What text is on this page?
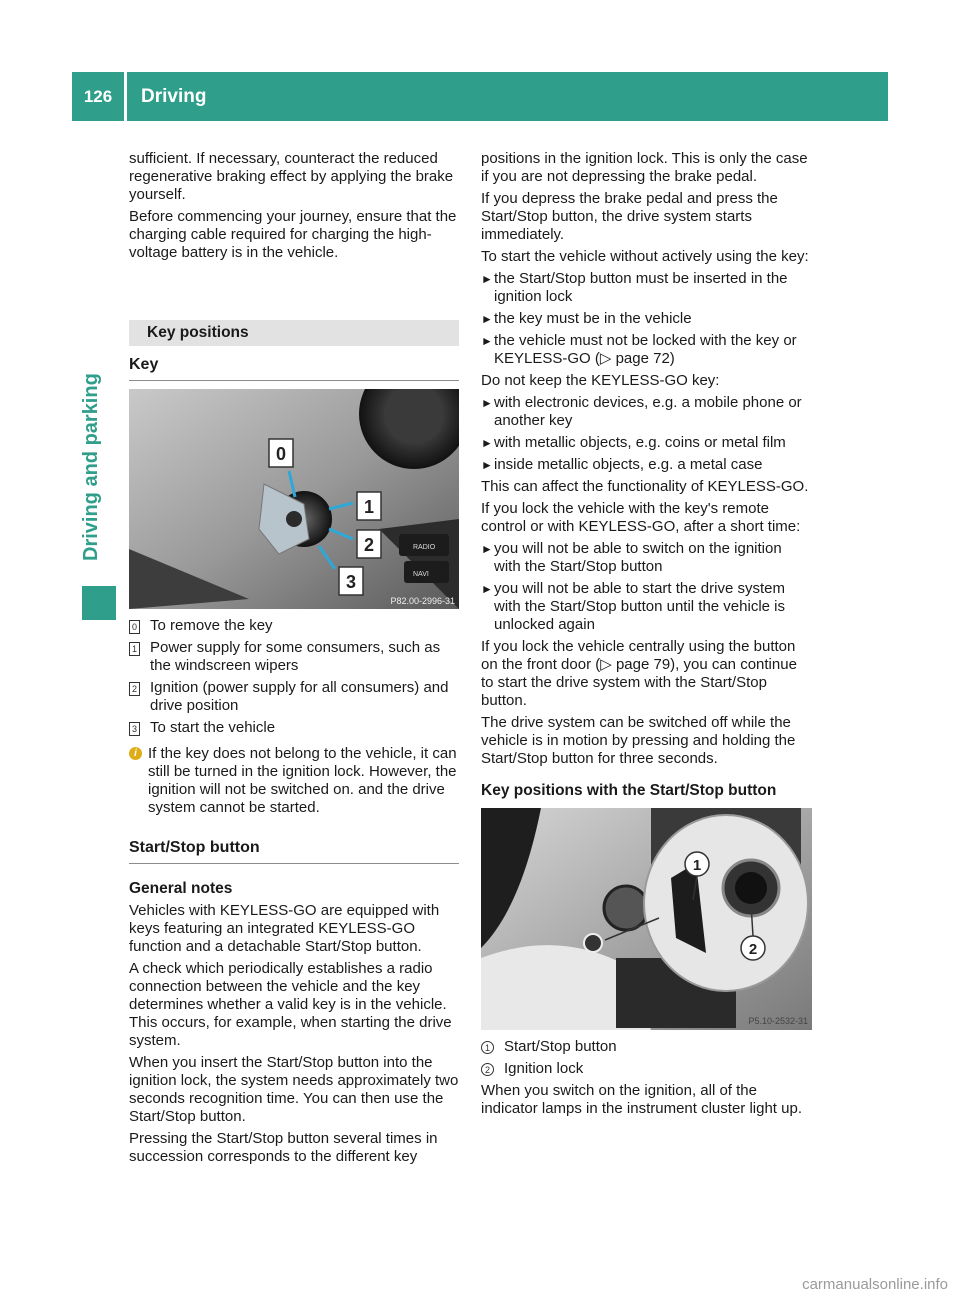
126	Driving
Driving and parking

sufficient. If necessary, counteract the reduced regenerative braking effect by applying the brake yourself.

Before commencing your journey, ensure that the charging cable required for charging the high-voltage battery is in the vehicle.

Key positions
Key
RADIO
NAVI
0
1
2
3
P82.00-2996-31
0 To remove the key
1 Power supply for some consumers, such as the windscreen wipers
2 Ignition (power supply for all consumers) and drive position
3 To start the vehicle
i If the key does not belong to the vehicle, it can still be turned in the ignition lock. However, the ignition will not be switched on. and the drive system cannot be started.
Start/Stop button
General notes

Vehicles with KEYLESS-GO are equipped with keys featuring an integrated KEYLESS-GO function and a detachable Start/Stop button.

A check which periodically establishes a radio connection between the vehicle and the key determines whether a valid key is in the vehicle. This occurs, for example, when starting the drive system.

When you insert the Start/Stop button into the ignition lock, the system needs approximately two seconds recognition time. You can then use the Start/Stop button.

Pressing the Start/Stop button several times in succession corresponds to the different key

positions in the ignition lock. This is only the case if you are not depressing the brake pedal.

If you depress the brake pedal and press the Start/Stop button, the drive system starts immediately.

To start the vehicle without actively using the key:

► the Start/Stop button must be inserted in the ignition lock
► the key must be in the vehicle
► the vehicle must not be locked with the key or KEYLESS-GO (▷ page 72)

Do not keep the KEYLESS-GO key:

► with electronic devices, e.g. a mobile phone or another key
► with metallic objects, e.g. coins or metal film
► inside metallic objects, e.g. a metal case

This can affect the functionality of KEYLESS-GO.

If you lock the vehicle with the key's remote control or with KEYLESS-GO, after a short time:

► you will not be able to switch on the ignition with the Start/Stop button
► you will not be able to start the drive system with the Start/Stop button until the vehicle is unlocked again

If you lock the vehicle centrally using the button on the front door (▷ page 79), you can continue to start the drive system with the Start/Stop button.

The drive system can be switched off while the vehicle is in motion by pressing and holding the Start/Stop button for three seconds.

Key positions with the Start/Stop button
1
2
P5.10-2532-31
1 Start/Stop button
2 Ignition lock

When you switch on the ignition, all of the indicator lamps in the instrument cluster light up.

carmanualsonline.info
